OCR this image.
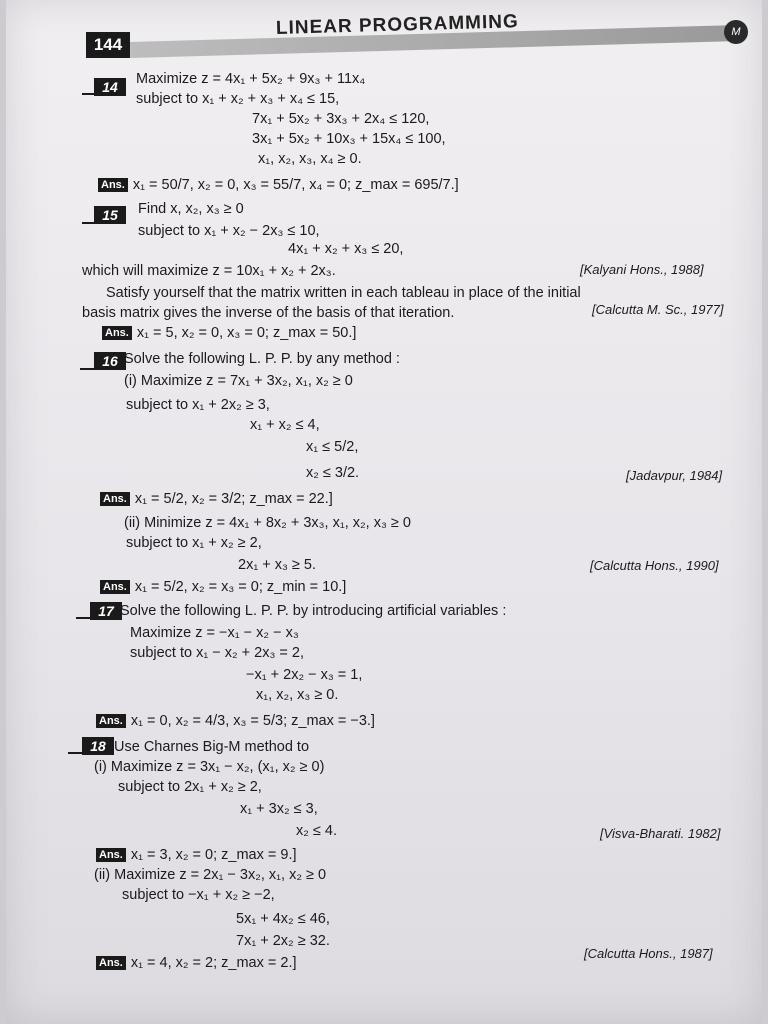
144
LINEAR PROGRAMMING	M
14	Maximize z = 4x₁ + 5x₂ + 9x₃ + 11x₄
subject to x₁ + x₂ + x₃ + x₄ ≤ 15,
7x₁ + 5x₂ + 3x₃ + 2x₄ ≤ 120,
3x₁ + 5x₂ + 10x₃ + 15x₄ ≤ 100,
x₁, x₂, x₃, x₄ ≥ 0.
Ans. x₁ = 50/7, x₂ = 0, x₃ = 55/7, x₄ = 0; z_max = 695/7.]
15	Find x, x₂, x₃ ≥ 0
subject to x₁ + x₂ − 2x₃ ≤ 10,
4x₁ + x₂ + x₃ ≤ 20,
which will maximize z = 10x₁ + x₂ + 2x₃.	[Kalyani Hons., 1988]
Satisfy yourself that the matrix written in each tableau in place of the initial
basis matrix gives the inverse of the basis of that iteration.	[Calcutta M. Sc., 1977]
Ans. x₁ = 5, x₂ = 0, x₃ = 0; z_max = 50.]
16 Solve the following L. P. P. by any method :
(i) Maximize z = 7x₁ + 3x₂, x₁, x₂ ≥ 0
subject to x₁ + 2x₂ ≥ 3,
x₁ + x₂ ≤ 4,
x₁ ≤ 5/2,
x₂ ≤ 3/2.	[Jadavpur, 1984]
Ans. x₁ = 5/2, x₂ = 3/2; z_max = 22.]
(ii) Minimize z = 4x₁ + 8x₂ + 3x₃, x₁, x₂, x₃ ≥ 0
subject to x₁ + x₂ ≥ 2,
2x₁ + x₃ ≥ 5.	[Calcutta Hons., 1990]
Ans. x₁ = 5/2, x₂ = x₃ = 0; z_min = 10.]
17 Solve the following L. P. P. by introducing artificial variables :
Maximize z = −x₁ − x₂ − x₃
subject to x₁ − x₂ + 2x₃ = 2,
−x₁ + 2x₂ − x₃ = 1,
x₁, x₂, x₃ ≥ 0.
Ans. x₁ = 0, x₂ = 4/3, x₃ = 5/3; z_max = −3.]
18 Use Charnes Big-M method to
(i) Maximize z = 3x₁ − x₂, (x₁, x₂ ≥ 0)
subject to 2x₁ + x₂ ≥ 2,
x₁ + 3x₂ ≤ 3,
x₂ ≤ 4.	[Visva-Bharati. 1982]
Ans. x₁ = 3, x₂ = 0; z_max = 9.]
(ii) Maximize z = 2x₁ − 3x₂, x₁, x₂ ≥ 0
subject to −x₁ + x₂ ≥ −2,
5x₁ + 4x₂ ≤ 46,
7x₁ + 2x₂ ≥ 32.
[Calcutta Hons., 1987]
Ans. x₁ = 4, x₂ = 2; z_max = 2.]
